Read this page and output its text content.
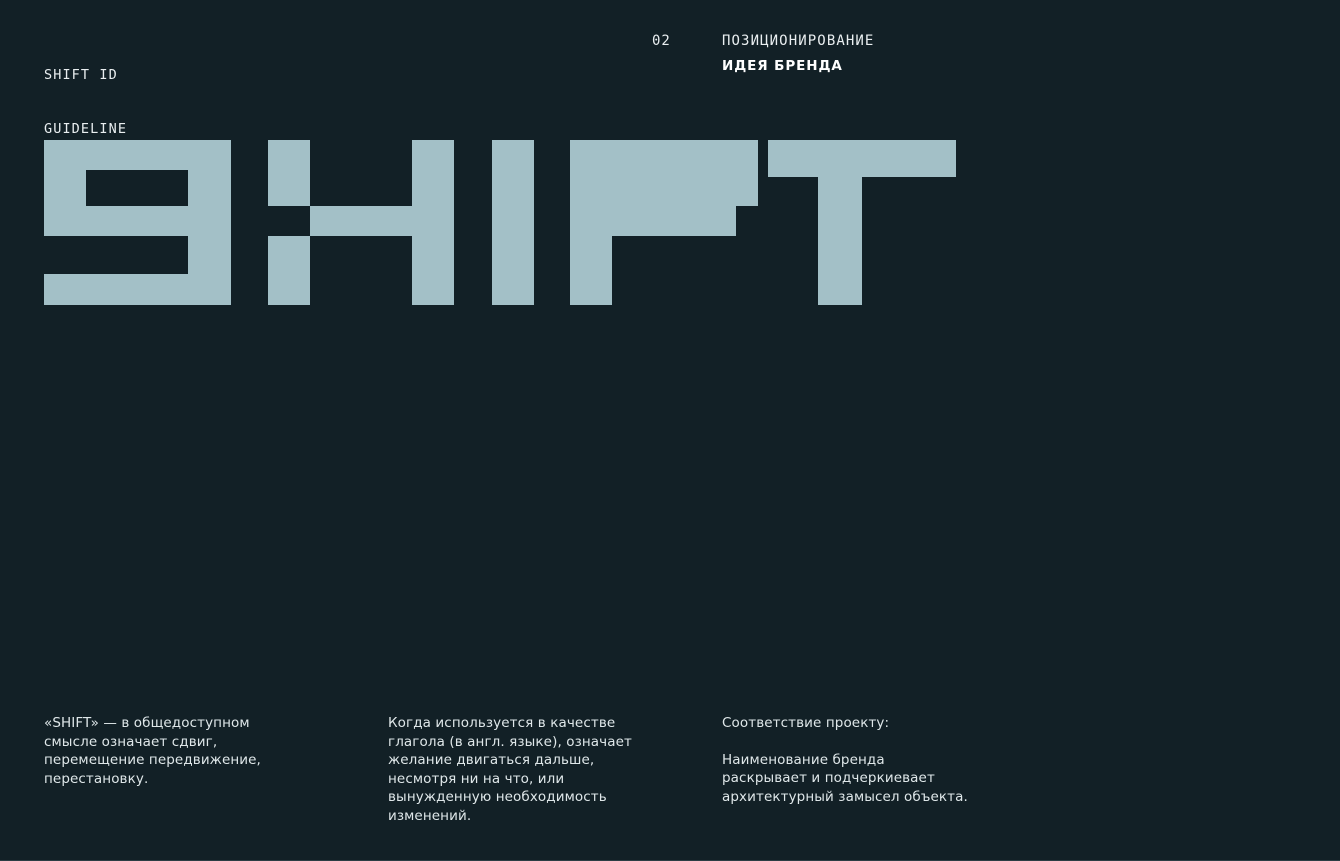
SHIFT ID

GUIDELINE

02	ПОЗИЦИОНИРОВАНИЕ
ИДЕЯ БРЕНДА

«SHIFT» — в общедоступном смысле означает сдвиг, перемещение передвижение, перестановку.

Когда используется в качестве глагола (в англ. языке), означает желание двигаться дальше, несмотря ни на что, или вынужденную необходимость изменений.

Соответствие проекту:

Наименование бренда раскрывает и подчеркиевает архитектурный замысел объекта.
